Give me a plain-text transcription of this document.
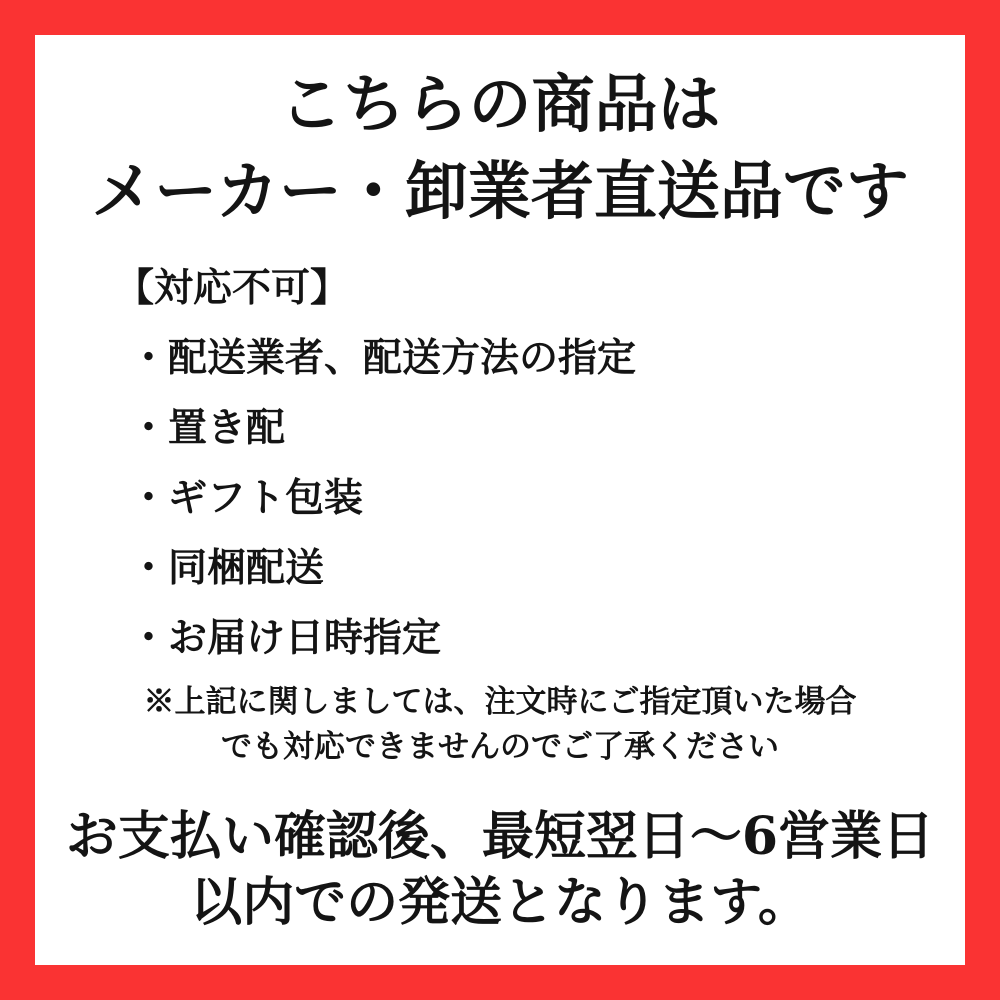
こちらの商品は
メーカー・卸業者直送品です
【対応不可】
・配送業者、配送方法の指定
・置き配
・ギフト包装
・同梱配送
・お届け日時指定
※上記に関しましては、注文時にご指定頂いた場合
でも対応できませんのでご了承ください
お支払い確認後、最短翌日〜6営業日
以内での発送となります。
